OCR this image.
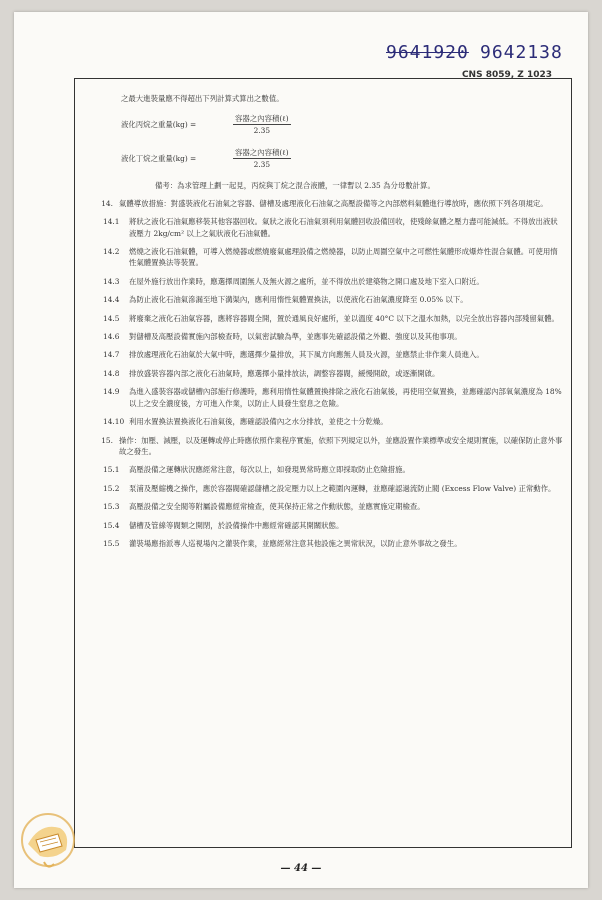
9641920 9642138
CNS 8059, Z 1023

之最大進裝量應不得超出下列計算式算出之數值。

液化丙烷之重量(kg) =	$\frac{\text{容器之內容積(ℓ)}}{2.35}$
液化丁烷之重量(kg) =	$\frac{\text{容器之內容積(ℓ)}}{2.35}$

備考：為求管理上劃一起見，丙烷與丁烷之混合液體，一律暫以 2.35 為分母數計算。

14. 氣體導放措施：對盛裝液化石油氣之容器、儲槽及處理液化石油氣之高壓設備等之內部燃料氣體進行導放時，應依照下列各項規定。
14.1	將狀之液化石油氣應移裝其他容器回收。氣狀之液化石油氣須利用氣體回收設備回收，使殘餘氣體之壓力盡可能減低。不得放出液狀液壓力 2kg/cm² 以上之氣狀液化石油氣體。
14.2	燃燒之液化石油氣體，可導入燃燒器或燃燒廢氣處理設備之燃燒器，以防止周圍空氣中之可燃性氣體形成爆炸性混合氣體。可使用惰性氣體置換法等裝置。
14.3	在屋外施行放出作業時，應選擇周圍無人及無火源之處所，並不得放出於建築物之開口處及地下室入口附近。
14.4	為防止液化石油氣滲漏至地下溝渠內，應利用惰性氣體置換法，以使液化石油氣濃度降至 0.05% 以下。
14.5	將廢棄之液化石油氣容器，應將容器閥全開，置於通風良好處所，並以溫度 40°C 以下之溫水加熱，以完全放出容器內部殘留氣體。
14.6	對儲槽及高壓設備實施內部檢查時，以氣密試驗為準，並應事先確認設備之外觀、強度以及其他事項。
14.7	排放處理液化石油氣於大氣中時，應選擇少量排放，其下風方向應無人員及火源，並應禁止非作業人員進入。
14.8	排放盛裝容器內部之液化石油氣時，應選擇小量排放法，調整容器閥，緩慢開啟，或逐漸開啟。
14.9	為進入盛裝容器或儲槽內部施行修護時，應利用惰性氣體置換排除之液化石油氣後，再使用空氣置換，並應確認內部氧氣濃度為 18% 以上之安全濃度後，方可進入作業，以防止人員發生窒息之危險。
14.10 利用水置換法置換液化石油氣後，應確認設備內之水分排放，並使之十分乾燥。
15. 操作：加壓、減壓，以及運轉或停止時應依照作業程序實施，依照下列規定以外，並應設置作業標準或安全規則實施，以確保防止意外事故之發生。
15.1	高壓設備之運轉狀況應經常注意，每次以上，如發現異常時應立即採取防止危險措施。
15.2	泵浦及壓縮機之操作，應於容器閥確認儲槽之設定壓力以上之範圍內運轉，並應確認過流防止閥 (Excess Flow Valve) 正常動作。
15.3	高壓設備之安全閥等附屬設備應經常檢查，使其保持正常之作動狀態，並應實施定期檢查。
15.4	儲槽及管線等閥類之開閉，於設備操作中應經常確認其開關狀態。
15.5	灌裝場應指派專人巡視場內之灌裝作業，並應經常注意其他設施之異常狀況，以防止意外事故之發生。
— 44 —
